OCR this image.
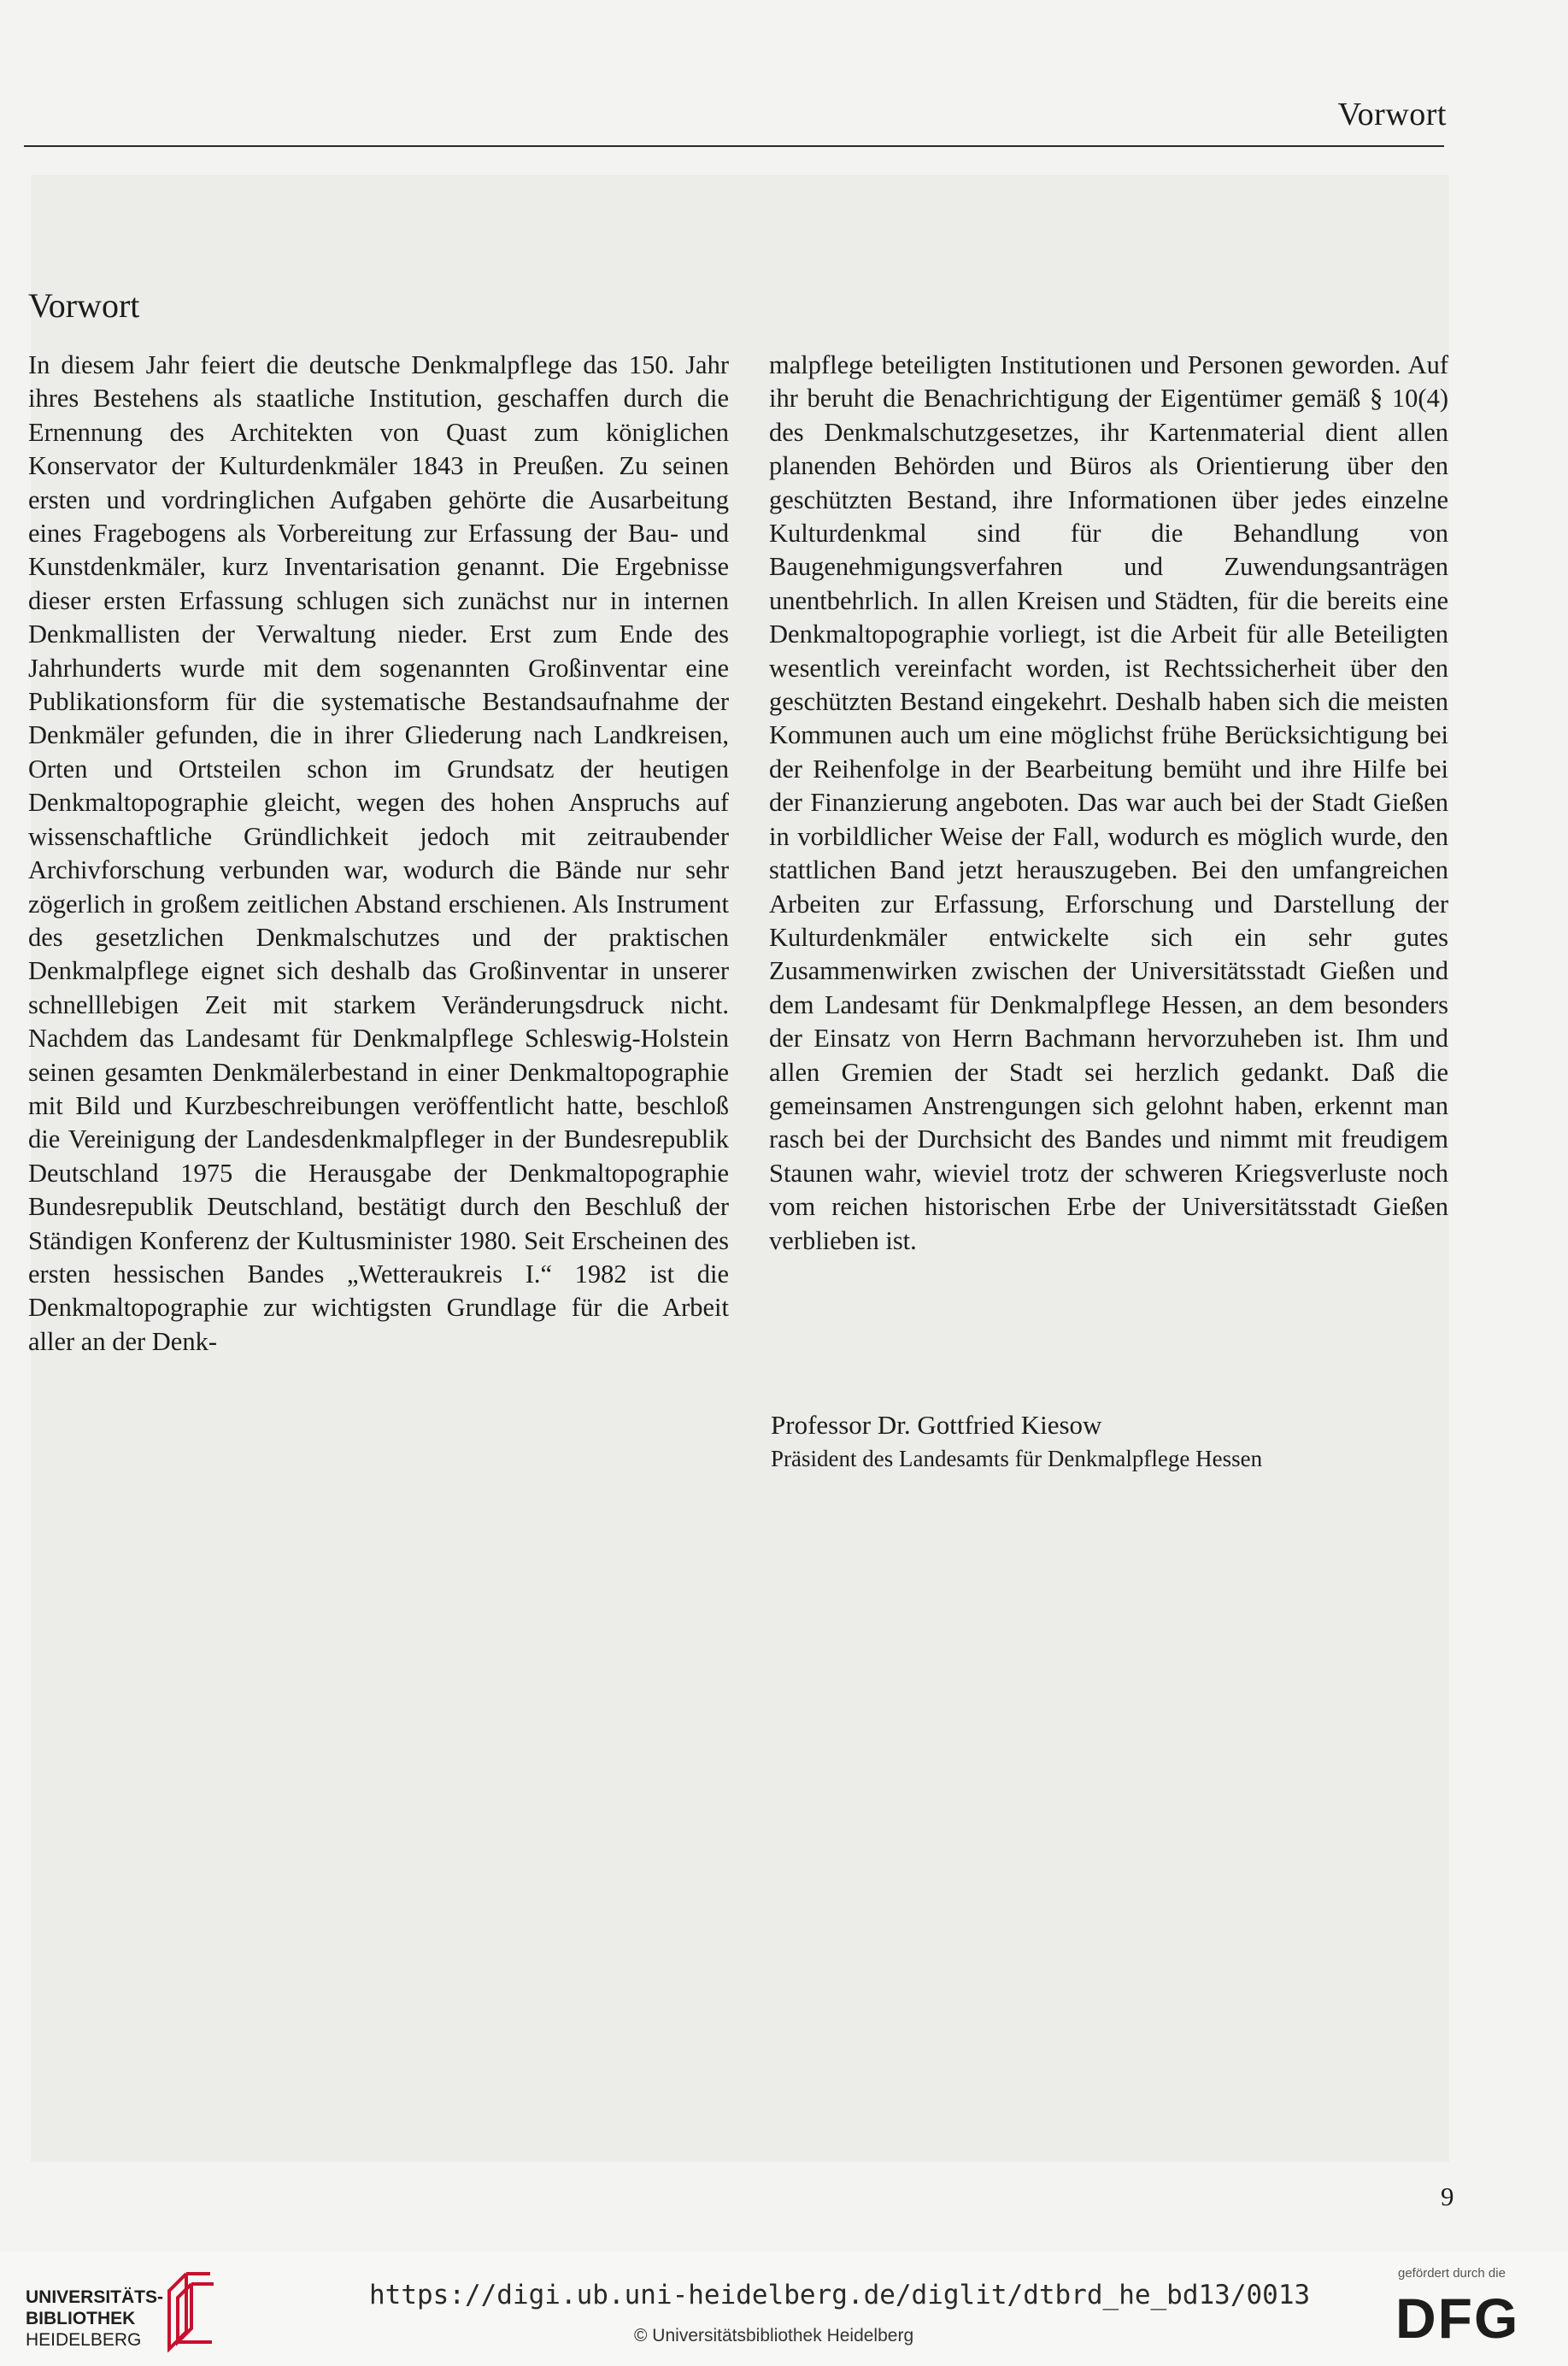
Vorwort
Vorwort

In diesem Jahr feiert die deutsche Denkmalpflege das 150. Jahr ihres Bestehens als staatliche Institution, geschaffen durch die Ernennung des Architekten von Quast zum königlichen Konservator der Kulturdenkmäler 1843 in Preußen. Zu seinen ersten und vordringlichen Aufgaben gehörte die Ausarbeitung eines Fragebogens als Vorbereitung zur Erfassung der Bau- und Kunstdenkmäler, kurz Inventarisation genannt. Die Ergebnisse dieser ersten Erfassung schlugen sich zunächst nur in internen Denkmallisten der Verwaltung nieder. Erst zum Ende des Jahrhunderts wurde mit dem sogenannten Großinventar eine Publikationsform für die systematische Bestandsaufnahme der Denkmäler gefunden, die in ihrer Gliederung nach Landkreisen, Orten und Ortsteilen schon im Grundsatz der heutigen Denkmaltopographie gleicht, wegen des hohen Anspruchs auf wissenschaftliche Gründlichkeit jedoch mit zeitraubender Archivforschung verbunden war, wodurch die Bände nur sehr zögerlich in großem zeitlichen Abstand erschienen. Als Instrument des gesetzlichen Denkmalschutzes und der praktischen Denkmalpflege eignet sich deshalb das Großinventar in unserer schnelllebigen Zeit mit starkem Veränderungsdruck nicht. Nachdem das Landesamt für Denkmalpflege Schleswig-Holstein seinen gesamten Denkmälerbestand in einer Denkmaltopographie mit Bild und Kurzbeschreibungen veröffentlicht hatte, beschloß die Vereinigung der Landesdenkmalpfleger in der Bundesrepublik Deutschland 1975 die Herausgabe der Denkmaltopographie Bundesrepublik Deutschland, bestätigt durch den Beschluß der Ständigen Konferenz der Kultusminister 1980. Seit Erscheinen des ersten hessischen Bandes „Wetteraukreis I.“ 1982 ist die Denkmaltopographie zur wichtigsten Grundlage für die Arbeit aller an der Denk-

malpflege beteiligten Institutionen und Personen geworden. Auf ihr beruht die Benachrichtigung der Eigentümer gemäß § 10(4) des Denkmalschutzgesetzes, ihr Kartenmaterial dient allen planenden Behörden und Büros als Orientierung über den geschützten Bestand, ihre Informationen über jedes einzelne Kulturdenkmal sind für die Behandlung von Baugenehmigungsverfahren und Zuwendungsanträgen unentbehrlich. In allen Kreisen und Städten, für die bereits eine Denkmaltopographie vorliegt, ist die Arbeit für alle Beteiligten wesentlich vereinfacht worden, ist Rechtssicherheit über den geschützten Bestand eingekehrt. Deshalb haben sich die meisten Kommunen auch um eine möglichst frühe Berücksichtigung bei der Reihenfolge in der Bearbeitung bemüht und ihre Hilfe bei der Finanzierung angeboten. Das war auch bei der Stadt Gießen in vorbildlicher Weise der Fall, wodurch es möglich wurde, den stattlichen Band jetzt herauszugeben. Bei den umfangreichen Arbeiten zur Erfassung, Erforschung und Darstellung der Kulturdenkmäler entwickelte sich ein sehr gutes Zusammenwirken zwischen der Universitätsstadt Gießen und dem Landesamt für Denkmalpflege Hessen, an dem besonders der Einsatz von Herrn Bachmann hervorzuheben ist. Ihm und allen Gremien der Stadt sei herzlich gedankt. Daß die gemeinsamen Anstrengungen sich gelohnt haben, erkennt man rasch bei der Durchsicht des Bandes und nimmt mit freudigem Staunen wahr, wieviel trotz der schweren Kriegsverluste noch vom reichen historischen Erbe der Universitätsstadt Gießen verblieben ist.

Professor Dr. Gottfried Kiesow
Präsident des Landesamts für Denkmalpflege Hessen
9
UNIVERSITÄTS-
BIBLIOTHEK
HEIDELBERG
https://digi.ub.uni-heidelberg.de/diglit/dtbrd_he_bd13/0013
© Universitätsbibliothek Heidelberg
gefördert durch die
DFG
